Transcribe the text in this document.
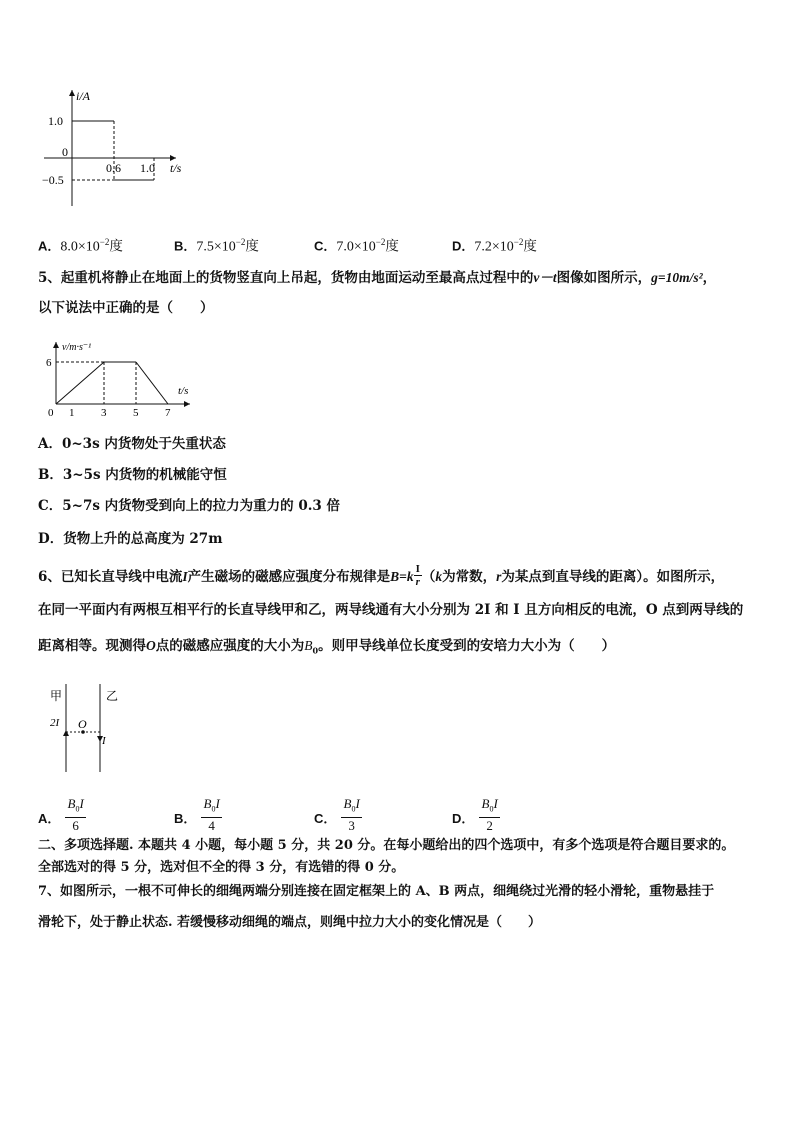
i/A
1.0
0
−0.5
0.6 1.0 t/s
A．$8.0\times 10^{-2}$度	B．$7.5\times 10^{-2}$度	C．$7.0\times 10^{-2}$度	D．$7.2\times 10^{-2}$度
5、起重机将静止在地面上的货物竖直向上吊起，货物由地面运动至最高点过程中的v－t图像如图所示，g=10m/s²，
以下说法中正确的是（　　）
v/m·s⁻¹
6
t/s
0 1 3 5 7
A．0~3s 内货物处于失重状态
B．3~5s 内货物的机械能守恒
C．5~7s 内货物受到向上的拉力为重力的 0.3 倍
D．货物上升的总高度为 27m
6、已知长直导线中电流I产生磁场的磁感应强度分布规律是$B=k \frac{I}{r} (k$为常数，r为某点到直导线的距离）。如图所示，
在同一平面内有两根互相平行的长直导线甲和乙，两导线通有大小分别为 2I 和 I 且方向相反的电流，O 点到两导线的
距离相等。现测得O点的磁感应强度的大小为$B_0$。则甲导线单位长度受到的安培力大小为（　　）
甲	乙
2I O
I
$_{A.} \frac{B_0I}{6}$	$_{B.} \frac{B_0I}{4}$	$_{C.} \frac{B_0I}{3}$	$_{D.} \frac{B_0I}{2}$
二、多项选择题. 本题共 4 小题，每小题 5 分，共 20 分。在每小题给出的四个选项中，有多个选项是符合题目要求的。
全部选对的得 5 分，选对但不全的得 3 分，有选错的得 0 分。
7、如图所示，一根不可伸长的细绳两端分别连接在固定框架上的 A、B 两点，细绳绕过光滑的轻小滑轮，重物悬挂于
滑轮下，处于静止状态. 若缓慢移动细绳的端点，则绳中拉力大小的变化情况是（　　）
